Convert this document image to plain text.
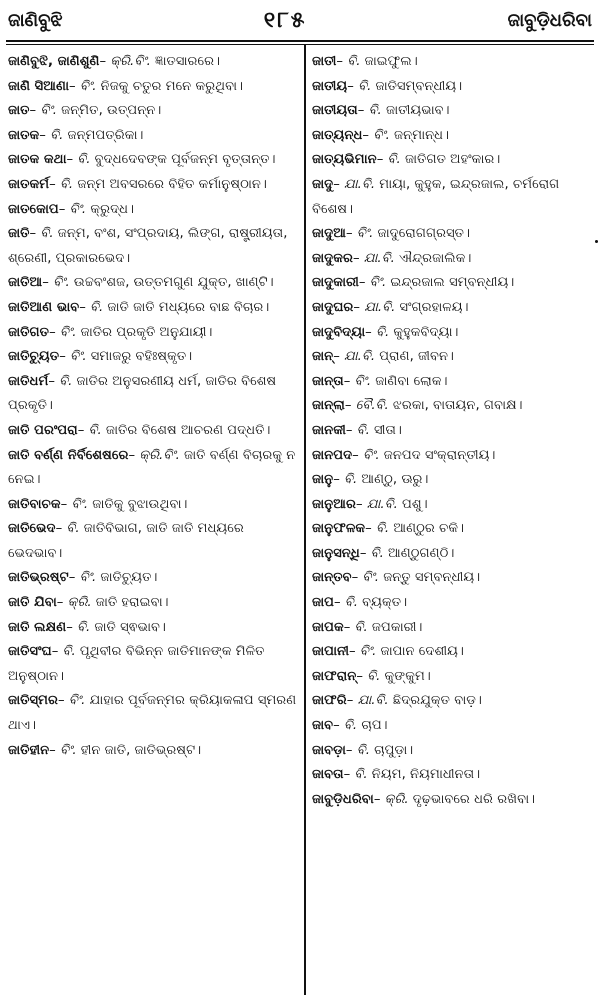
ଜାଣିବୁଝି	୧୮୫	ଜାବୁଡ଼ିଧରିବା

ଜାଣିବୁଝି, ଜାଣିଶୁଣି– କ୍ରି.ବିଂ. ଜ୍ଞାତସାରରେ।

ଜାଣି ସିଆଣା– ବିଂ. ନିଜକୁ ଚତୁର ମନେ କରୁଥିବା।

ଜାତ– ବିଂ. ଜନ୍ମିତ, ଉତ୍ପନ୍ନ।

ଜାତକ– ବି. ଜନ୍ମପତ୍ରିକା।

ଜାତକ କଥା– ବି. ବୁଦ୍ଧଦେବଙ୍କ ପୂର୍ବଜନ୍ମ ବୃତ୍ତାନ୍ତ।

ଜାତକର୍ମ– ବି. ଜନ୍ମ ଅବସରରେ ବିହିତ କର୍ମାନୁଷ୍ଠାନ।

ଜାତକୋପ– ବିଂ. କ୍ରୁଦ୍ଧ।

ଜାତି– ବି. ଜନ୍ମ, ବଂଶ, ସଂପ୍ରଦାୟ, ଲିଙ୍ଗ, ରାଷ୍ଟ୍ରୀୟତା, ଶ୍ରେଣୀ, ପ୍ରକାରଭେଦ।

ଜାତିଆ– ବିଂ. ଉଚ୍ଚବଂଶଜ, ଉତ୍ତମଗୁଣ ଯୁକ୍ତ, ଖାଣ୍ଟି।

ଜାତିଆଣ ଭାବ– ବି. ଜାତି ଜାତି ମଧ୍ୟରେ ବାଛ ବିଚାର।

ଜାତିଗତ– ବିଂ. ଜାତିର ପ୍ରକୃତି ଅନୁଯାୟୀ।

ଜାତିଚ୍ୟୁତ– ବିଂ. ସମାଜରୁ ବହିଃଷ୍କୃତ।

ଜାତିଧର୍ମ– ବି. ଜାତିର ଅନୁସରଣୀୟ ଧର୍ମ, ଜାତିର ବିଶେଷ ପ୍ରକୃତି।

ଜାତି ପରଂପରା– ବି. ଜାତିର ବିଶେଷ ଆଚରଣ ପଦ୍ଧତି।

ଜାତି ବର୍ଣ୍ଣ ନିର୍ବିଶେଷରେ– କ୍ରି.ବିଂ. ଜାତି ବର୍ଣ୍ଣ ବିଚାରକୁ ନ ନେଇ।

ଜାତିବାଚକ– ବିଂ. ଜାତିକୁ ବୁଝାଉଥିବା।

ଜାତିଭେଦ– ବି. ଜାତିବିଭାଗ, ଜାତି ଜାତି ମଧ୍ୟରେ ଭେଦଭାବ।

ଜାତିଭ୍ରଷ୍ଟ– ବିଂ. ଜାତିଚ୍ୟୁତ।

ଜାତି ଯିବା– କ୍ରି. ଜାତି ହରାଇବା।

ଜାତି ଲକ୍ଷଣ– ବି. ଜାତି ସ୍ଵଭାବ।

ଜାତିସଂଘ– ବି. ପୃଥିବୀର ବିଭିନ୍ନ ଜାତିମାନଙ୍କ ମିଳିତ ଅନୁଷ୍ଠାନ।

ଜାତିସ୍ମର– ବିଂ. ଯାହାର ପୂର୍ବଜନ୍ମର କ୍ରିୟାକଳାପ ସ୍ମରଣ ଥାଏ।

ଜାତିହୀନ– ବିଂ. ହୀନ ଜାତି, ଜାତିଭ୍ରଷ୍ଟ।

ଜାତୀ– ବି. ଜାଇଫୁଲ।

ଜାତୀୟ– ବି. ଜାତିସମ୍ବନ୍ଧୀୟ।

ଜାତୀୟତା– ବି. ଜାତୀୟଭାବ।

ଜାତ୍ୟନ୍ଧ– ବିଂ. ଜନ୍ମାନ୍ଧ।

ଜାତ୍ୟଭିମାନ– ବି. ଜାତିଗତ ଅହଂକାର।

ଜାଦୁ– ଯା.ବି. ମାୟା, କୁହୁକ, ଇନ୍ଦ୍ରଜାଲ, ଚର୍ମରୋଗ ବିଶେଷ।

ଜାଦୁଆ– ବିଂ. ଜାଦୁରୋଗଗ୍ରସ୍ତ।

ଜାଦୁକର– ଯା.ବି. ଐନ୍ଦ୍ରଜାଲିକ।

ଜାଦୁକାରୀ– ବିଂ. ଇନ୍ଦ୍ରଜାଲ ସମ୍ବନ୍ଧୀୟ।

ଜାଦୁଘର– ଯା.ବି. ସଂଗ୍ରହାଳୟ।

ଜାଦୁବିଦ୍ୟା– ବି. କୁହୁକବିଦ୍ୟା।

ଜାନ୍– ଯା.ବି. ପ୍ରାଣ, ଜୀବନ।

ଜାନ୍ତା– ବିଂ. ଜାଣିବା ଲୋକ।

ଜାନ୍ଲା– ବୈ.ବି. ଝରକା, ବାତାୟନ, ଗବାକ୍ଷ।

ଜାନକୀ– ବି. ସୀତା।

ଜାନପଦ– ବିଂ. ଜନପଦ ସଂକ୍ରାନ୍ତୀୟ।

ଜାନୁ– ବି. ଆଣ୍ଠୁ, ଊରୁ।

ଜାନୁଆର– ଯା.ବି. ପଶୁ।

ଜାନୁଫଳକ– ବି. ଆଣ୍ଠୁର ଚକି।

ଜାନୁସନ୍ଧି– ବି. ଆଣ୍ଠୁଗଣ୍ଠି।

ଜାନ୍ତବ– ବିଂ. ଜନ୍ତୁ ସମ୍ବନ୍ଧୀୟ।

ଜାପ– ବି. ବ୍ୟକ୍ତ।

ଜାପକ– ବି. ଜପକାରୀ।

ଜାପାନୀ– ବିଂ. ଜାପାନ ଦେଶୀୟ।

ଜାଫରାନ୍– ବି. କୁଙ୍କୁମ।

ଜାଫରି– ଯା.ବି. ଛିଦ୍ରଯୁକ୍ତ ବାଡ଼।

ଜାବ– ବି. ଚାପ।

ଜାବଡ଼ା– ବି. ଚାପୁଡ଼ା।

ଜାବତା– ବି. ନିୟମ, ନିୟମାଧୀନତା।

ଜାବୁଡ଼ିଧରିବା– କ୍ରି. ଦୃଢ଼ଭାବରେ ଧରି ରଖିବା।
